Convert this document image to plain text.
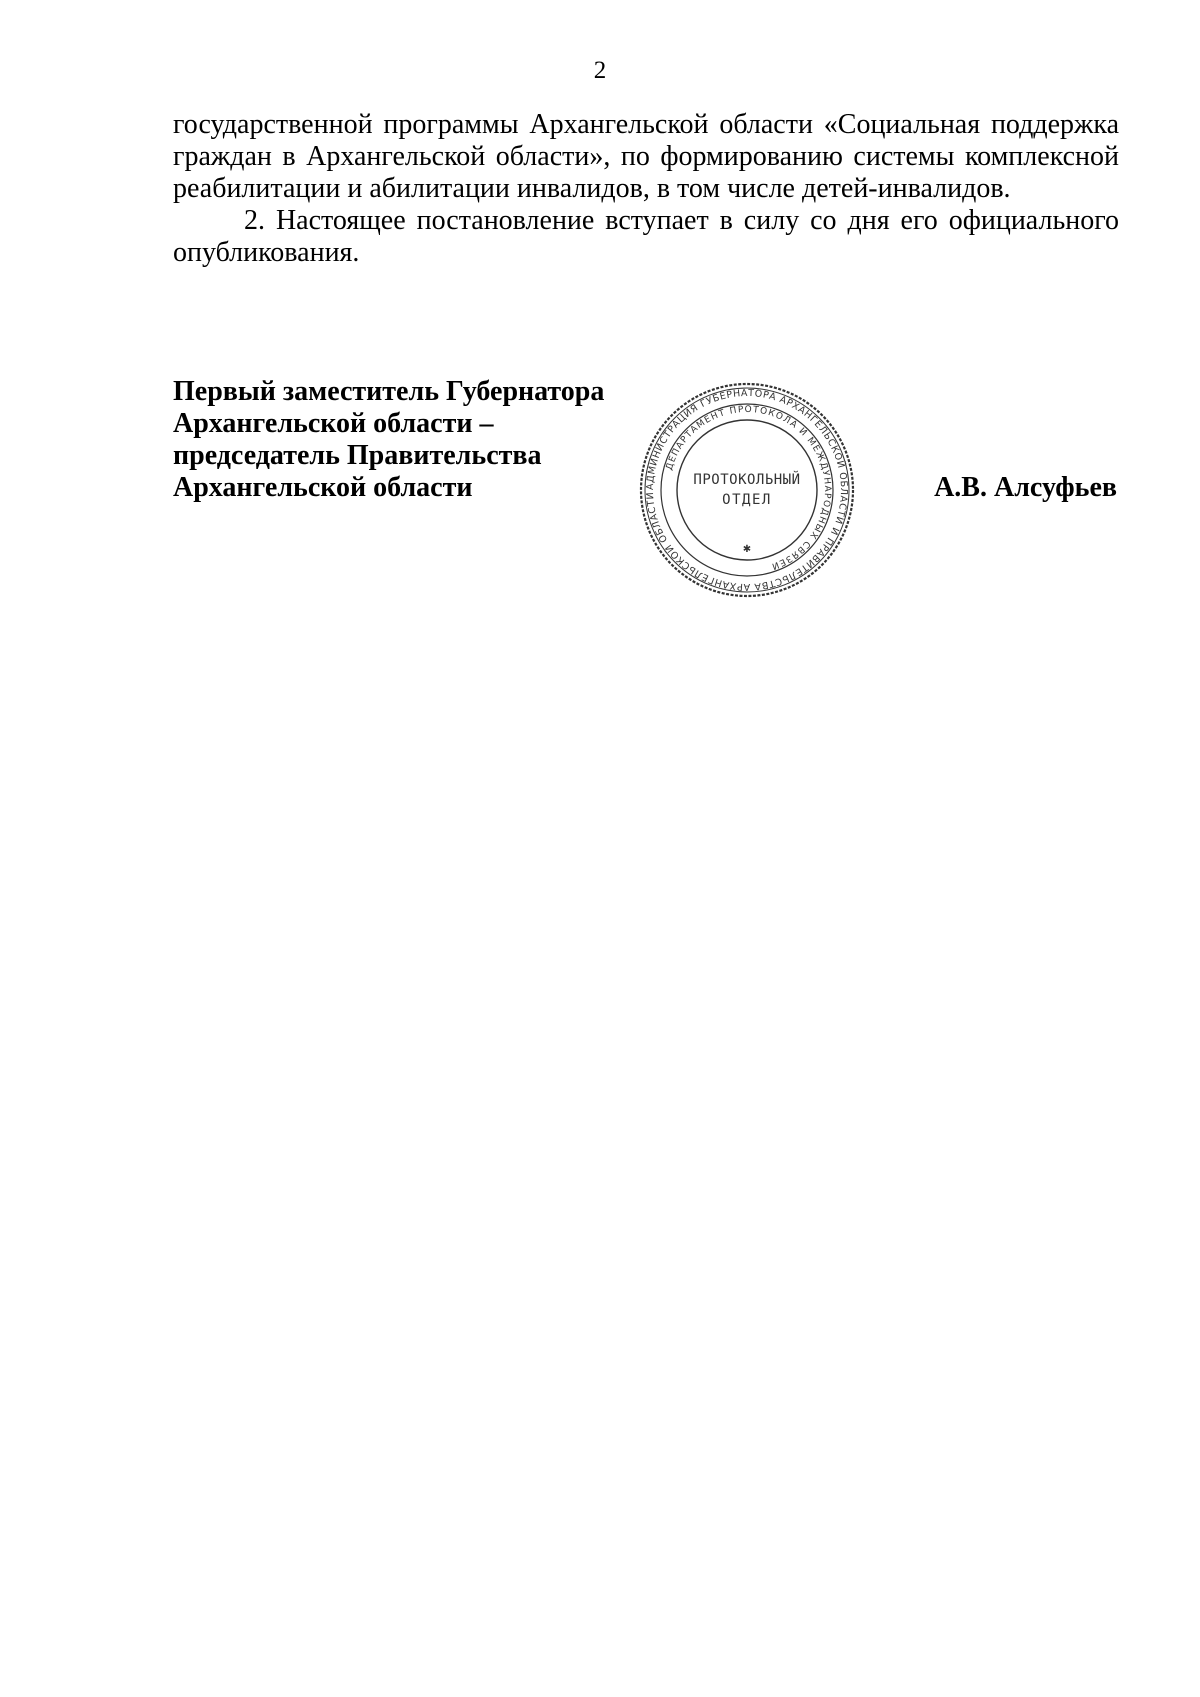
2

государственной программы Архангельской области «Социальная поддержка граждан в Архангельской области», по формированию системы комплексной реабилитации и абилитации инвалидов, в том числе детей-инвалидов.

2. Настоящее постановление вступает в силу со дня его официального опубликования.

Первый заместитель Губернатора
Архангельской области –
председатель Правительства
Архангельской области	АДМИНИСТРАЦИЯ ГУБЕРНАТОРА АРХАНГЕЛЬСКОЙ ОБЛАСТИ И ПРАВИТЕЛЬСТВА АРХАНГЕЛЬСКОЙ ОБЛАСТИ
ДЕПАРТАМЕНТ ПРОТОКОЛА И МЕЖДУНАРОДНЫХ СВЯЗЕЙ
ПРОТОКОЛЬНЫЙ
ОТДЕЛ
✱
А.В. Алсуфьев
